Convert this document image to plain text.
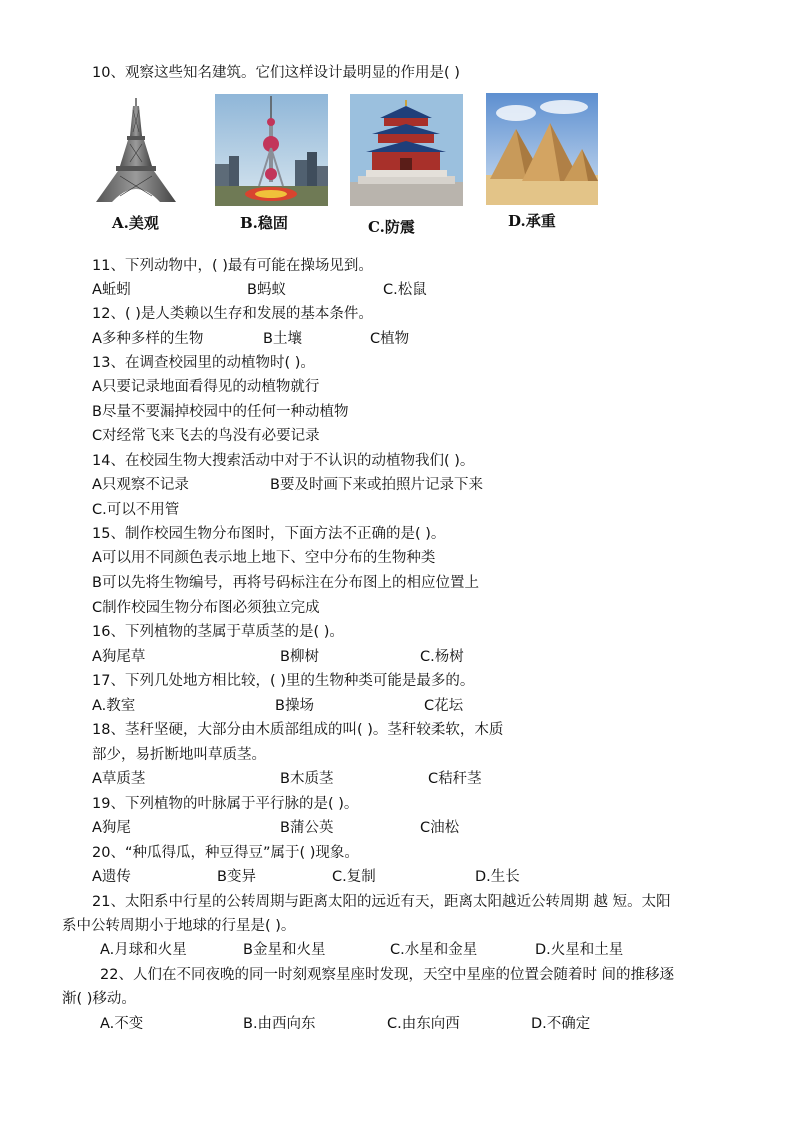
10、观察这些知名建筑。它们这样设计最明显的作用是( )
A.美观	B.稳固	C.防震	D.承重
11、下列动物中，( )最有可能在操场见到。
A蚯蚓	B蚂蚁	C.松鼠
12、( )是人类赖以生存和发展的基本条件。
A多种多样的生物	B土壤	C植物
13、在调查校园里的动植物时( )。
A只要记录地面看得见的动植物就行
B尽量不要漏掉校园中的任何一种动植物
C对经常飞来飞去的鸟没有必要记录
14、在校园生物大搜索活动中对于不认识的动植物我们( )。
A只观察不记录	B要及时画下来或拍照片记录下来
C.可以不用管
15、制作校园生物分布图时，下面方法不正确的是( )。
A可以用不同颜色表示地上地下、空中分布的生物种类
B可以先将生物编号，再将号码标注在分布图上的相应位置上
C制作校园生物分布图必须独立完成
16、下列植物的茎属于草质茎的是( )。
A狗尾草	B柳树	C.杨树
17、下列几处地方相比较，( )里的生物种类可能是最多的。
A.教室	B操场	C花坛
18、茎秆坚硬，大部分由木质部组成的叫( )。茎秆较柔软，木质
部少，易折断地叫草质茎。
A草质茎	B木质茎	C秸秆茎
19、下列植物的叶脉属于平行脉的是( )。
A狗尾	B蒲公英	C油松
20、“种瓜得瓜，种豆得豆”属于( )现象。
A遗传	B变异	C.复制	D.生长
21、太阳系中行星的公转周期与距离太阳的远近有天，距离太阳越近公转周期 越 短。太阳
系中公转周期小于地球的行星是( )。
A.月球和火星	B金星和火星	C.水星和金星	D.火星和土星
22、人们在不同夜晚的同一时刻观察星座时发现，天空中星座的位置会随着时 间的推移逐
渐( )移动。
A.不变	B.由西向东	C.由东向西	D.不确定
